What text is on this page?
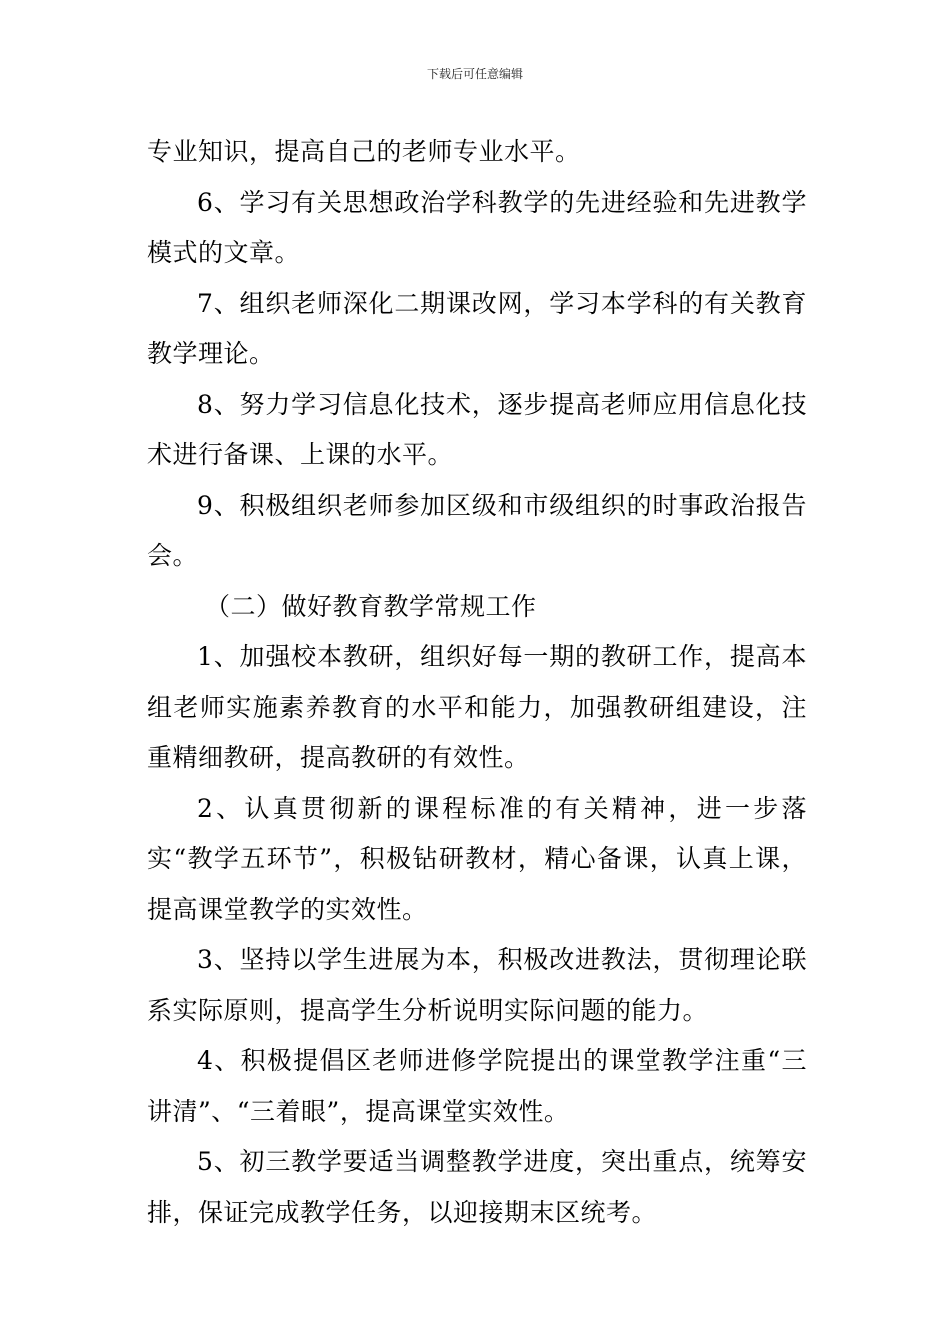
下载后可任意编辑

专业知识，提高自己的老师专业水平。

6、学习有关思想政治学科教学的先进经验和先进教学模式的文章。

7、组织老师深化二期课改网，学习本学科的有关教育教学理论。

8、努力学习信息化技术，逐步提高老师应用信息化技术进行备课、上课的水平。

9、积极组织老师参加区级和市级组织的时事政治报告会。

（二）做好教育教学常规工作

1、加强校本教研，组织好每一期的教研工作，提高本组老师实施素养教育的水平和能力，加强教研组建设，注重精细教研，提高教研的有效性。

2、认真贯彻新的课程标准的有关精神，进一步落实“教学五环节”，积极钻研教材，精心备课，认真上课，提高课堂教学的实效性。

3、坚持以学生进展为本，积极改进教法，贯彻理论联系实际原则，提高学生分析说明实际问题的能力。

4、积极提倡区老师进修学院提出的课堂教学注重“三讲清”、“三着眼”，提高课堂实效性。

5、初三教学要适当调整教学进度，突出重点，统筹安排，保证完成教学任务，以迎接期末区统考。
